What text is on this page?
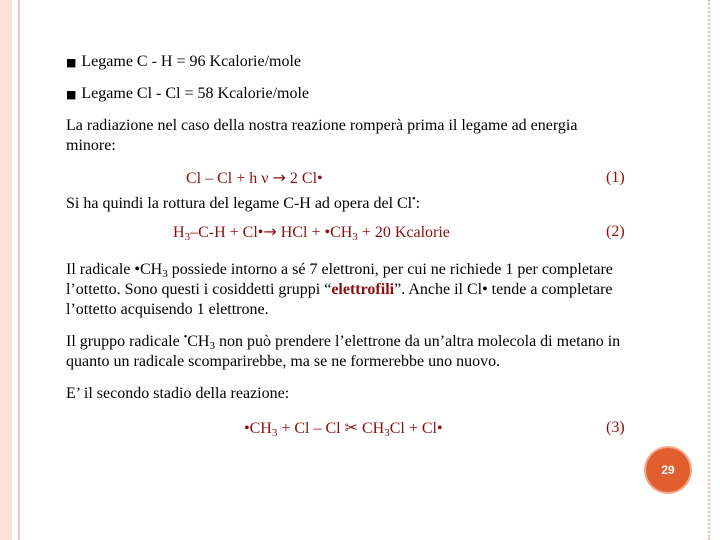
■ Legame C - H = 96 Kcalorie/mole

■ Legame Cl - Cl = 58 Kcalorie/mole

La radiazione nel caso della nostra reazione romperà prima il legame ad energia minore:

Cl – Cl + h ν → 2 Cl•	(1)

Si ha quindi la rottura del legame C-H ad opera del Cl•:

$H_3-C-H$ + Cl•→ HCl + $•CH_3 + 20$ Kcalorie	(2)

Il radicale $•CH_3$ possiede intorno a sé 7 elettroni, per cui ne richiede 1 per completare l’ottetto. Sono questi i cosiddetti gruppi “elettrofili”. Anche il Cl• tende a completare l’ottetto acquisendo 1 elettrone.

Il gruppo radicale $^•CH_3$ non può prendere l’elettrone da un’altra molecola di metano in quanto un radicale scomparirebbe, ma se ne formerebbe uno nuovo.

E’ il secondo stadio della reazione:

$•CH_3 + Cl - Cl$ ✂ $CH_3Cl$ + Cl•	(3)
29
